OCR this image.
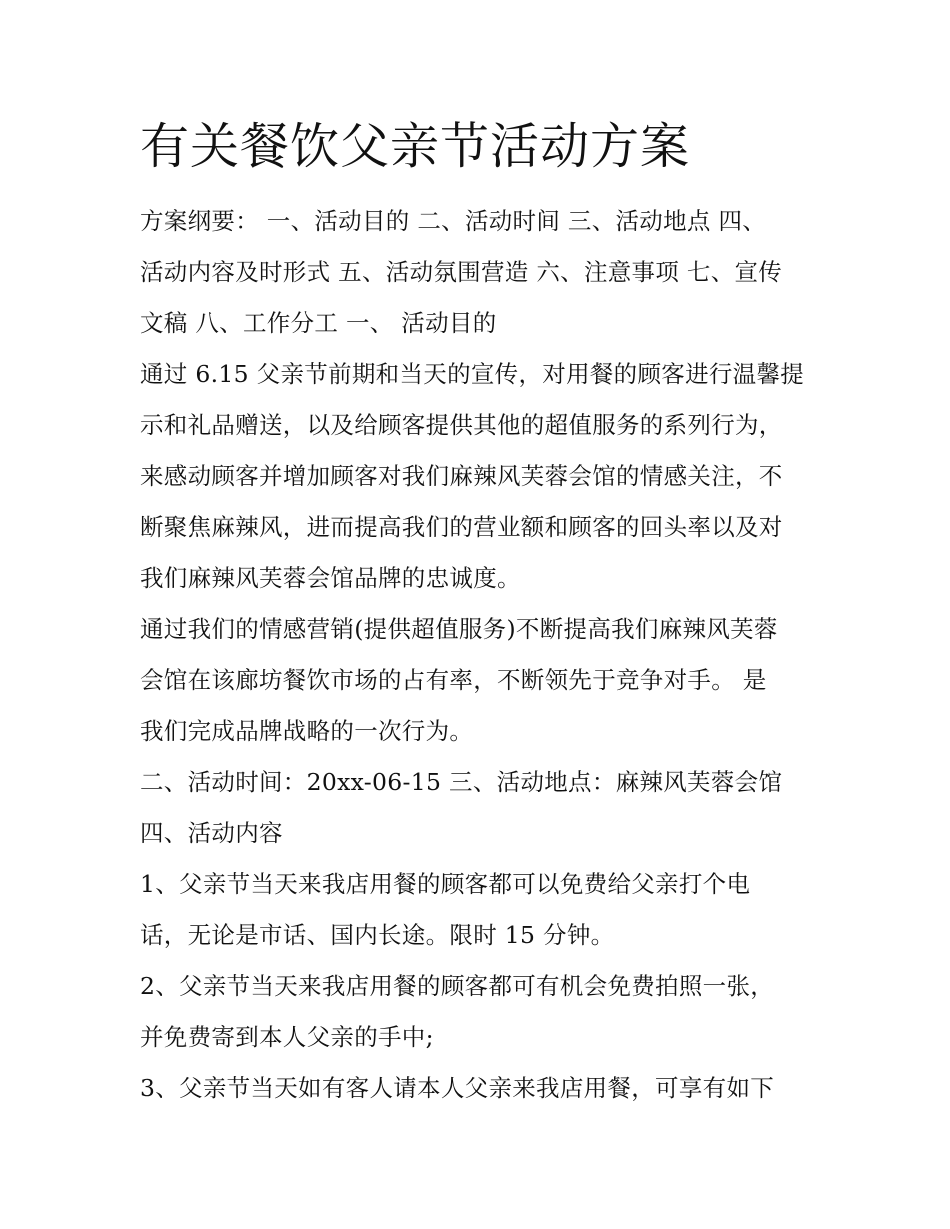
有关餐饮父亲节活动方案
方案纲要： 一、活动目的 二、活动时间 三、活动地点 四、
活动内容及时形式 五、活动氛围营造 六、注意事项 七、宣传
文稿 八、工作分工 一、 活动目的
通过 6.15 父亲节前期和当天的宣传，对用餐的顾客进行温馨提
示和礼品赠送，以及给顾客提供其他的超值服务的系列行为，
来感动顾客并增加顾客对我们麻辣风芙蓉会馆的情感关注，不
断聚焦麻辣风，进而提高我们的营业额和顾客的回头率以及对
我们麻辣风芙蓉会馆品牌的忠诚度。
通过我们的情感营销(提供超值服务)不断提高我们麻辣风芙蓉
会馆在该廊坊餐饮市场的占有率，不断领先于竞争对手。 是
我们完成品牌战略的一次行为。
二、活动时间：20xx-06-15 三、活动地点：麻辣风芙蓉会馆
四、活动内容
1、父亲节当天来我店用餐的顾客都可以免费给父亲打个电
话，无论是市话、国内长途。限时 15 分钟。
2、父亲节当天来我店用餐的顾客都可有机会免费拍照一张，
并免费寄到本人父亲的手中;
3、父亲节当天如有客人请本人父亲来我店用餐，可享有如下
